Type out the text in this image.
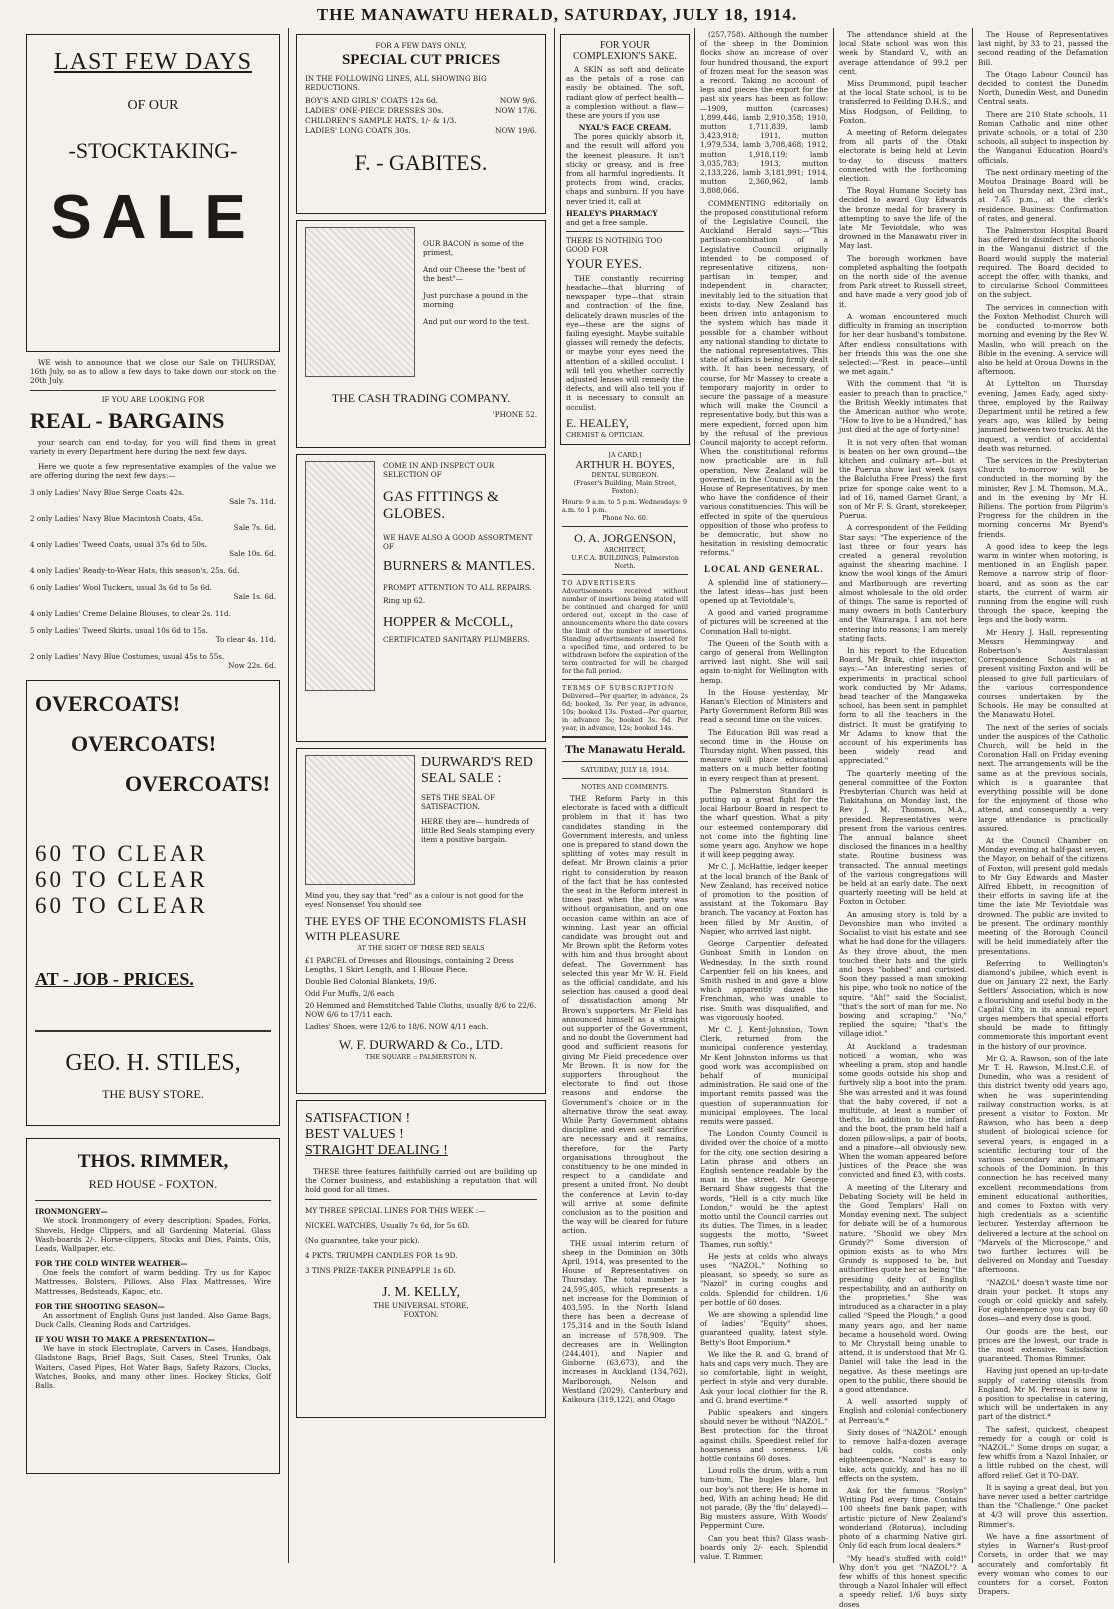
THE MANAWATU HERALD, SATURDAY, JULY 18, 1914.
LAST FEW DAYS
OF OUR
-STOCKTAKING-
SALE
WE wish to announce that we close our Sale on THURSDAY, 16th July, so as to allow a few days to take down our stock on the 20th July.
IF YOU ARE LOOKING FOR
REAL - BARGAINS
your search can end to-day, for you will find them in great variety in every Department here during the next few days.
Here we quote a few representative examples of the value we are offering during the next few days:—
3 only Ladies' Navy Blue Serge Coats 42s.
Sale 7s. 11d.
2 only Ladies' Navy Blue Macintosh Coats, 45s.
Sale 7s. 6d.
4 only Ladies' Tweed Coats, usual 37s 6d to 50s.
Sale 10s. 6d.
4 only Ladies' Ready-to-Wear Hats, this season's, 25s. 6d.
6 only Ladies' Wool Tuckers, usual 3s 6d to 5s 6d.
Sale 1s. 6d.
4 only Ladies' Creme Delaine Blouses, to clear 2s. 11d.
5 only Ladies' Tweed Skirts, usual 10s 6d to 15s.
To clear 4s. 11d.
2 only Ladies' Navy Blue Costumes, usual 45s to 55s.
Now 22s. 6d.
OVERCOATS!
OVERCOATS!
OVERCOATS!
60 TO CLEAR
60 TO CLEAR
60 TO CLEAR
AT - JOB - PRICES.
GEO. H. STILES,
THE BUSY STORE.
THOS. RIMMER,
RED HOUSE - FOXTON.
IRONMONGERY—
We stock Ironmongery of every description: Spades, Forks, Shovels, Hedge Clippers, and all Gardening Material. Glass Wash-boards 2/-. Horse-clippers, Stocks and Dies, Paints, Oils, Leads, Wallpaper, etc.
FOR THE COLD WINTER WEATHER—
One feels the comfort of warm bedding. Try us for Kapoc Mattresses, Bolsters, Pillows. Also Flax Mattresses, Wire Mattresses, Bedsteads, Kapoc, etc.
FOR THE SHOOTING SEASON—
An assortment of English Guns just landed. Also Game Bags, Duck Calls, Cleaning Rods and Cartridges.
IF YOU WISH TO MAKE A PRESENTATION—
We have in stock Electroplate, Carvers in Cases, Handbags, Gladstone Bags, Brief Bags, Suit Cases, Steel Trunks, Oak Waiters, Cased Pipes, Hot Water Bags, Safety Razors, Clocks, Watches, Books, and many other lines. Hockey Sticks, Golf Balls.
FOR A FEW DAYS ONLY,
SPECIAL CUT PRICES
IN THE FOLLOWING LINES, ALL SHOWING BIG REDUCTIONS.
BOY'S AND GIRLS' COATS 12s 6d.	NOW 9/6.
LADIES' ONE-PIECE DRESSES 30s.	NOW 17/6.
CHILDREN'S SAMPLE HATS, 1/- & 1/3.
LADIES' LONG COATS 30s.	NOW 19/6.
F. - GABITES.
OUR BACON is some of the primest,
And our Cheese the "best of the best"—
Just purchase a pound in the morning
And put our word to the test.
THE CASH TRADING COMPANY.
'PHONE 52.
COME IN AND INSPECT OUR SELECTION OF
GAS FITTINGS & GLOBES.
WE HAVE ALSO A GOOD ASSORTMENT OF
BURNERS & MANTLES.
PROMPT ATTENTION TO ALL REPAIRS.
Ring up 62.
HOPPER & McCOLL,
CERTIFICATED SANITARY PLUMBERS.
DURWARD'S RED SEAL SALE :
SETS THE SEAL OF SATISFACTION.
HERE they are— hundreds of little Red Seals stamping every item a positive bargain.
Mind you, they say that "red" as a colour is not good for the eyes! Nonsense! You should see
THE EYES OF THE ECONOMISTS FLASH WITH PLEASURE
AT THE SIGHT OF THESE RED SEALS
£1 PARCEL of Dresses and Blousings, containing 2 Dress Lengths, 1 Skirt Length, and 1 Blouse Piece.
Double Bed Colonial Blankets, 19/6.
Odd Fur Muffs, 2/6 each
20 Hemmed and Hemstitched Table Cloths, usually 8/6 to 22/6. NOW 6/6 to 17/11 each.
Ladies' Shoes, were 12/6 to 18/6. NOW 4/11 each.
W. F. DURWARD & Co., LTD.
THE SQUARE :: PALMERSTON N.
SATISFACTION !
BEST VALUES !
STRAIGHT DEALING !
THESE three features faithfully carried out are building up the Corner business, and establishing a reputation that will hold good for all times.
MY THREE SPECIAL LINES FOR THIS WEEK :—
NICKEL WATCHES, Usually 7s 6d, for 5s 6D.
(No guarantee, take your pick).
4 PKTS. TRIUMPH CANDLES FOR 1s 9D.
3 TINS PRIZE-TAKER PINEAPPLE 1s 6D.
J. M. KELLY,
THE UNIVERSAL STORE,
FOXTON.
FOR YOUR COMPLEXION'S SAKE.
A SKIN as soft and delicate as the petals of a rose can easily be obtained. The soft, radiant glow of perfect health—a complexion without a flaw—these are yours if you use
NYAL'S FACE CREAM.
The pores quickly absorb it, and the result will afford you the keenest pleasure. It isn't sticky or greasy, and is free from all harmful ingredients. It protects from wind, cracks, chaps and sunburn. If you have never tried it, call at
HEALEY'S PHARMACY
and get a free sample.
THERE IS NOTHING TOO GOOD FOR
YOUR EYES.
THE constantly recurring headache—that blurring of newspaper type—that strain and contraction of the fine, delicately drawn muscles of the eye—these are the signs of failing eyesight. Maybe suitable glasses will remedy the defects, or maybe your eyes need the attention of a skilled occulist. I will tell you whether correctly adjusted lenses will remedy the defects, and will also tell you if it is necessary to consult an occulist.
E. HEALEY,
CHEMIST & OPTICIAN.
[A CARD.]
ARTHUR H. BOYES,
DENTAL SURGEON.
(Fraser's Building, Main Street, Foxton).
Hours: 9 a.m. to 5 p.m. Wednesdays: 9 a.m. to 1 p.m.
Phone No. 60.
O. A. JORGENSON,
ARCHITECT,
U.F.C.A. BUILDINGS, Palmerston North.
TO ADVERTISERS
Advertisements received without number of insertions being stated will be continued and charged for until ordered out, except in the case of announcements where the date covers the limit of the number of insertions. Standing advertisements inserted for a specified time, and ordered to be withdrawn before the expiration of the term contracted for will be charged for the full period.
TERMS OF SUBSCRIPTION
Delivered—Per quarter, in advance, 2s 6d; booked, 3s. Per year, in advance, 10s; booked 13s. Posted—Per quarter, in advance 3s; booked 3s. 6d. Per year, in advance, 12s; booked 14s.
The Manawatu Herald.
SATURDAY, JULY 18, 1914.
NOTES AND COMMENTS.
THE Reform Party in this electorate is faced with a difficult problem in that it has two candidates standing in the Government interests, and unless one is prepared to stand down the splitting of votes may result in defeat. Mr Brown claims a prior right to consideration by reason of the fact that he has contested the seat in the Reform interest in times past when the party was without organisation, and on one occasion came within an ace of winning. Last year an official candidate was brought out and Mr Brown split the Reform votes with him and thus brought about defeat. The Government has selected this year Mr W. H. Field as the official candidate, and his selection has caused a good deal of dissatisfaction among Mr Brown's supporters. Mr Field has announced himself as a straight out supporter of the Government, and no doubt the Government had good and sufficient reasons for giving Mr Field precedence over Mr Brown. It is now for the supporters throughout the electorate to find out those reasons and endorse the Government's choice or in the alternative throw the seat away. While Party Government obtains discipline and even self sacrifice are necessary and it remains, therefore, for the Party organisations throughout the constituency to be one minded in respect to a candidate and present a united front. No doubt the conference at Levin to-day will arrive at some definite conclusion as to the position and the way will be cleared for future action.
THE usual interim return of sheep in the Dominion on 30th April, 1914, was presented to the House of Representatives on Thursday. The total number is 24,595,405, which represents a net increase for the Dominion of 403,595. In the North Island there has been a decrease of 175,314 and in the South Island an increase of 578,909. The decreases are in Wellington (244,401), and Napier and Gisborne (63,673), and the increases in Auckland (134,762), Marlborough, Nelson and Westland (2029), Canterbury and Kaikoura (319,122), and Otago
(257,758). Although the number of the sheep in the Dominion flocks show an increase of over four hundred thousand, the export of frozen meat for the season was a record. Taking no account of legs and pieces the export for the past six years has been as follow:—1909, mutton (carcases) 1,899,446, lamb 2,910,358; 1910, mutton 1,711,839, lamb 3,423,918; 1911, mutton 1,979,534, lamb 3,708,468; 1912, mutton 1,918,119; lamb 3,035,783; 1913, mutton 2,133,226, lamb 3,181,991; 1914, mutton 2,360,962, lamb 3,808,066.
COMMENTING editorially on the proposed constitutional reform of the Legislative Council, the Auckland Herald says:—"This partisan-combination of a Legislative Council originally intended to be composed of representative citizens, non-partisan in temper, and independent in character, inevitably led to the situation that exists to-day. New Zealand has been driven into antagonism to the system which has made it possible for a chamber without any national standing to dictate to the national representatives. This state of affairs is being firmly dealt with. It has been necessary, of course, for Mr Massey to create a temporary majority in order to secure the passage of a measure which will make the Council a representative body, but this was a mere expedient, forced upon him by the refusal of the previous Council majority to accept reform. When the constitutional reforms now practicable are in full operation, New Zealand will be governed, in the Council as in the House of Representatives, by men who have the confidence of their various constituencies. This will be effected in spite of the querulous opposition of those who profess to be democratic, but show no hesitation in resisting democratic reforms."
LOCAL AND GENERAL.
A splendid line of stationery—the latest ideas—has just been opened up at Teviotdale's.
A good and varied programme of pictures will be screened at the Coronation Hall to-night.
The Queen of the South with a cargo of general from Wellington arrived last night. She will sail again to-night for Wellington with hemp.
In the House yesterday, Mr Hanan's Election of Ministers and Party Government Reform Bill was read a second time on the voices.
The Education Bill was read a second time in the House on Thursday night. When passed, this measure will place educational matters on a much better footing in every respect than at present.
The Palmerston Standard is putting up a great fight for the local Harbour Board in respect to the wharf question. What a pity our esteemed contemporary did not come into the fighting line some years ago. Anyhow we hope it will keep pegging away.
Mr C. J. McHattie, ledger keeper at the local branch of the Bank of New Zealand, has received notice of promotion to the position of assistant at the Tokomaru Bay branch. The vacancy at Foxton has been filled by Mr Austin, of Napier, who arrived last night.
George Carpentier defeated Gunboat Smith in London on Wednesday. In the sixth round Carpentier fell on his knees, and Smith rushed in and gave a blow which apparently dazed the Frenchman, who was unable to rise. Smith was disqualified, and was vigorously hooted.
Mr C. J. Kent-Johnston, Town Clerk, returned from the municipal conference yesterday. Mr Kent Johnston informs us that good work was accomplished on behalf of municipal administration. He said one of the important remits passed was the question of superannuation for municipal employees. The local remits were passed.
The London County Council is divided over the choice of a motto for the city, one section desiring a Latin phrase and others an English sentence readable by the man in the street. Mr George Bernard Shaw suggests that the words, "Hell is a city much like London," would be the aptest motto until the Council carries out its duties. The Times, in a leader, suggests the motto, "Sweet Thames, run softly."
He jests at colds who always uses "NAZOL." Nothing so pleasant, so speedy, so sure as "Nazol" in curing coughs and colds. Splendid for children. 1/6 per bottle of 60 doses.
We are showing a splendid line of ladies' "Equity" shoes, guaranteed quality, latest style. Betty's Boot Emporium.*
We like the R. and G. brand of hats and caps very much. They are so comfortable, light in weight, perfect in style and very durable. Ask your local clothier for the R. and G. brand evertime.*
Public speakers and singers should never be without "NAZOL." Best protection for the throat against chills. Speediest relief for hoarseness and soreness. 1/6 bottle contains 60 doses.
Loud rolls the drum, with a rum tum-tum, The bugles blare, but our boy's not there; He is home in bed, With an aching head; He did not parade, (By the 'flu' delayed)— Big musters assure, With Woods' Peppermint Cure.
Can you beat this? Glass wash-boards only 2/- each. Splendid value. T. Rimmer.
The attendance shield at the local State school was won this week by Standard V., with an average attendance of 99.2 per cent.
Miss Drummond, pupil teacher at the local State school, is to be transferred to Feilding D.H.S., and Miss Hodgson, of Feilding, to Foxton.
A meeting of Reform delegates from all parts of the Otaki electorate is being held at Levin to-day to discuss matters connected with the forthcoming election.
The Royal Humane Society has decided to award Guy Edwards the bronze medal for bravery in attempting to save the life of the late Mr Teviotdale, who was drowned in the Manawatu river in May last.
The borough workmen have completed asphalting the footpath on the north side of the avenue from Park street to Russell street, and have made a very good job of it.
A woman encountered much difficulty in framing an inscription for her dear husband's tombstone. After endless consultations with her friends this was the one she selected:—"Rest in peace—until we met again."
With the comment that "it is easier to preach than to practice," the British Weekly intimates that the American author who wrote, "How to live to be a Hundred," has just died at the age of forty-nine!
It is not very often that woman is beaten on her own ground—the kitchen and culinary art—but at the Puerua show last week (says the Balclutha Free Press) the first prize for sponge cake went to a lad of 16, named Garnet Grant, a son of Mr F. S. Grant, storekeeper, Puerua.
A correspondent of the Feilding Star says: "The experience of the last three or four years has created a general revolution against the shearing machine. I know the wool kings of the Amuri and Marlborough are reverting almost wholesale to the old order of things. The same is reported of many owners in both Canterbury and the Wairarapa. I am not here entering into reasons; I am merely stating facts.
In his report to the Education Board, Mr Braik, chief inspector, says:—"An interesting series of experiments in practical school work conducted by Mr Adams, head teacher of the Mangaweka school, has been sent in pamphlet form to all the teachers in the district. It must be gratifying to Mr Adams to know that the account of his experiments has been widely read and appreciated."
The quarterly meeting of the general committee of the Foxton Presbyterian Church was held at Tiakitahuna on Monday last, the Rev J. M. Thomson, M.A., presided. Representatives were present from the various centres. The annual balance sheet disclosed the finances in a healthy state. Routine business was transacted. The annual meetings of the various congregations will be held at an early date. The next quarterly meeting will be held at Foxton in October.
An amusing story is told by a Devonshire man who invited a Socialist to visit his estate and see what he had done for the villagers. As they drove about, the men touched their hats and the girls and boys "bobbed" and curtsied. Soon they passed a man smoking his pipe, who took no notice of the squire. "Ah!" said the Socialist, "that's the sort of man for me. No bowing and scraping." "No," replied the squire; "that's the village idiot."
At Auckland a tradesman noticed a woman, who was wheeling a pram, stop and handle some goods outside his shop and furtively slip a boot into the pram. She was arrested and it was found that the baby covered, if not a multitude, at least a number of thefts. In addition to the infant and the boot, the pram held half a dozen pillow-slips, a pair of boots, and a pinafore—all obviously new. When the woman appeared before Justices of the Peace she was convicted and fined £3, with costs.
A meeting of the Literary and Debating Society will be held in the Good Templars' Hall on Monday evening next. The subject for debate will be of a humorous nature. "Should we obey Mrs Grundy?" Some diversion of opinion exists as to who Mrs Grundy is supposed to be, but authorities quote her as being "the presiding deity of English respectability, and an authority on the proprieties." She was introduced as a character in a play called "Speed the Plough," a good many years ago, and her name became a household word. Owing to Mr Chrystall being unable to attend, it is understood that Mr G. Daniel will take the lead in the negative. As these meetings are open to the public, there should be a good attendance.
A well assorted supply of English and colonial confectionery at Perreau's.*
Sixty doses of "NAZOL" enough to remove half-a-dozen average bad colds, costs only eighteenpence. "Nazol" is easy to take, acts quickly, and has no ill effects on the system.
Ask for the famous "Roslyn" Writing Pad every time. Contains 100 sheets fine bank paper, with artistic picture of New Zealand's wonderland (Rotorua), including photo of a charming Native girl. Only 6d each from local dealers.*
"My head's stuffed with cold!" Why don't you get "NAZOL"? A few whiffs of this honest specific through a Nazol Inhaler will effect a speedy relief. 1/6 buys sixty doses
The House of Representatives last night, by 33 to 21, passed the second reading of the Defamation Bill.
The Otago Labour Council has decided to contest the Dunedin North, Dunedin West, and Dunedin Central seats.
There are 210 State schools, 11 Roman Catholic and nine other private schools, or a total of 230 schools, all subject to inspection by the Wanganui Education Board's officials.
The next ordinary meeting of the Moutoa Drainage Board will be held on Thursday next, 23rd inst., at 7.45 p.m., at the clerk's residence. Business: Confirmation of rates, and general.
The Palmerston Hospital Board has offered to disinfect the schools in the Wanganui district if the Board would supply the material required. The Board decided to accept the offer, with thanks, and to circularise School Committees on the subject.
The services in connection with the Foxton Methodist Church will be conducted to-morrow both morning and evening by the Rev W. Maslin, who will preach on the Bible in the evening. A service will also be held at Oroua Downs in the afternoon.
At Lyttelton on Thursday evening, James Eady, aged sixty-three, employed by the Railway Department until he retired a few years ago, was killed by being jammed between two trucks. At the inquest, a verdict of accidental death was returned.
The services in the Presbyterian Church to-morrow will be conducted in the morning by the minister, Rev J. M. Thomson, M.A., and in the evening by Mr H. Billens. The portion from Pilgrim's Progress for the children in the morning concerns Mr Byend's friends.
A good idea to keep the legs warm in winter when motoring, is mentioned in an English paper. Remove a narrow strip of floor-board, and as soon as the car starts, the current of warm air running from the engine will rush through the space, keeping the legs and the body warm.
Mr Henry J. Hall, representing Messrs Hemmingway and Robertson's Australasian Correspondence Schools is at present visiting Foxton and will be pleased to give full particulars of the various correspondence courses undertaken by the Schools. He may be consulted at the Manawatu Hotel.
The next of the series of socials under the auspices of the Catholic Church, will be held in the Coronation Hall on Friday evening next. The arrangements will be the same as at the previous socials, which is a guarantee that everything possible will be done for the enjoyment of those who attend, and consequently a very large attendance is practically assured.
At the Council Chamber on Monday evening at half-past seven, the Mayor, on behalf of the citizens of Foxton, will present gold medals to Mr Guy Edwards and Master Alfred Ebbett, in recognition of their efforts in saving life at the time the late Mr Teviotdale was drowned. The public are invited to be present. The ordinary monthly meeting of the Borough Council will be held immediately after the presentations.
Referring to Wellington's diamond's jubilee, which event is due on January 22 next, the Early Settlers' Association, which is now a flourishing and useful body in the Capital City, in its annual report urges members that special efforts should be made to fittingly commemorate this important event in the history of our province.
Mr G. A. Rawson, son of the late Mr T. H. Rawson, M.Inst.C.E. of Dunedin, who was a resident of this district twenty odd years ago, when he was superintending railway construction works, is at present a visitor to Foxton. Mr Rawson, who has been a deep student of biological science for several years, is engaged in a scientific lecturing tour of the various secondary and primary schools of the Dominion. In this connection he has received many excellent recommendations from eminent educational authorities, and comes to Foxton with very high credentials as a scientific lecturer. Yesterday afternoon he delivered a lecture at the school on "Marvels of the Microscope," and two further lectures will be delivered on Monday and Tuesday afternoons.
"NAZOL" doesn't waste time nor drain your pocket. It stops any cough or cold quickly and safely. For eighteenpence you can buy 60 doses—and every dose is good.
Our goods are the best, our prices are the lowest, our trade is the most extensive. Satisfaction guaranteed. Thomas Rimmer.
Having just opened an up-to-date supply of catering utensils from England, Mr M. Perreau is now in a position to specialise in catering, which will be undertaken in any part of the district.*
The safest, quickest, cheapest remedy for a cough or cold is "NAZOL." Some drops on sugar, a few whiffs from a Nazol Inhaler, or a little rubbed on the chest, will afford relief. Get it TO-DAY.
It is saying a great deal, but you have never used a better cartridge than the "Challenge." One packet at 4/3 will prove this assertion. Rimmer's.
We have a fine assortment of styles in Warner's Rust-proof Corsets, in order that we may accurately and comfortably fit every woman who comes to our counters for a corset. Foxton Drapers.
